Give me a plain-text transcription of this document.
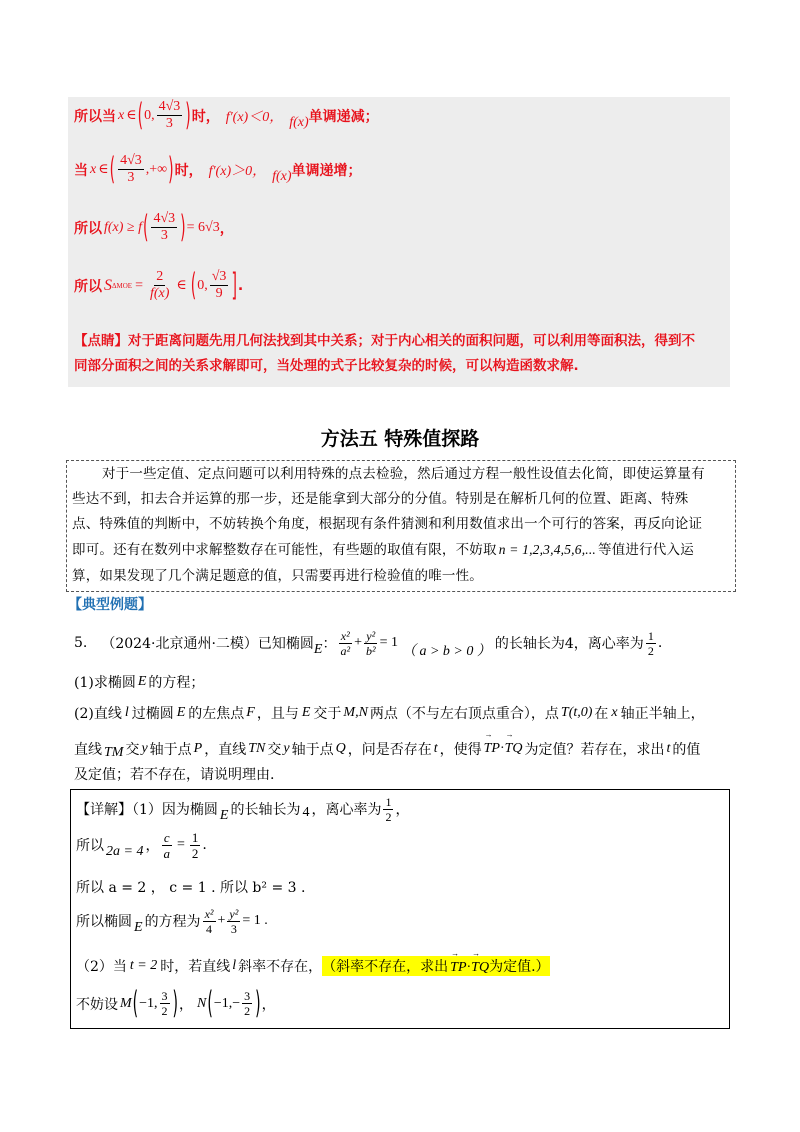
所以当 x ∈ ( 0, $\frac{4√3}{3}$ ) 时， f′(x)＜0， f(x) 单调递减；
当 x ∈ ( $\frac{4√3}{3}$ ,+∞ ) 时， f′(x)＞0， f(x) 单调递增；
所以 f(x) ≥ f ( $\frac{4√3}{3}$ ) = 6√3 ，
所以 S $\Delta MOE = \frac{2}{f(x)}$ ∈ ( 0, $\frac{√3}{9}$ ] .
【点睛】对于距离问题先用几何法找到其中关系；对于内心相关的面积问题，可以利用等面积法，得到不
同部分面积之间的关系求解即可，当处理的式子比较复杂的时候，可以构造函数求解.
方法五 特殊值探路
对于一些定值、定点问题可以利用特殊的点去检验，然后通过方程一般性设值去化简，即使运算量有
些达不到，扣去合并运算的那一步，还是能拿到大部分的分值。特别是在解析几何的位置、距离、特殊
点、特殊值的判断中，不妨转换个角度，根据现有条件猜测和利用数值求出一个可行的答案，再反向论证
即可。还有在数列中求解整数存在可能性，有些题的取值有限，不妨取 n = 1,2,3,4,5,6,... 等值进行代入运
算，如果发现了几个满足题意的值，只需要再进行检验值的唯一性。
【典型例题】
5. （2024·北京通州·二模）已知椭圆 E ： $\frac{\text{x²}}{\text{a²}} + \frac{\text{y²}}{\text{b²}} = 1$
（ a > b > 0 ） 的长轴长为4，离心率为 $\frac{1}{2}$ .
(1)求椭圆 E 的方程；
(2)直线 l 过椭圆 E 的左焦点 F ，且与 E 交于 M,N 两点（不与左右顶点重合），点 T(t,0) 在 x 轴正半轴上，
直线 TM 交 y 轴于点 P ，直线 TN 交 y 轴于点 Q ，问是否存在 t ，使得 → TP · → TQ 为定值？若存在，求出 t 的值
及定值；若不存在，请说明理由.
【详解】（1）因为椭圆 E 的长轴长为 4 ，离心率为 $\frac{1}{2}$ ，
所以 2a = 4 ， $\frac{c}{a} = \frac{1}{2}$ .
所以 a = 2 ， c = 1 . 所以 b² = 3 .
所以椭圆 E 的方程为 $\frac{\text{x²}}{4} + \frac{\text{y²}}{3} = 1$ .
（2）当 t = 2 时，若直线 l 斜率不存在， （斜率不存在，求出 → TP·→ TQ为定值.）
不妨设 M ( −1, $\frac{3}{2}$ ) ， N ( $-1,- \frac{3}{2}$ ) ，
